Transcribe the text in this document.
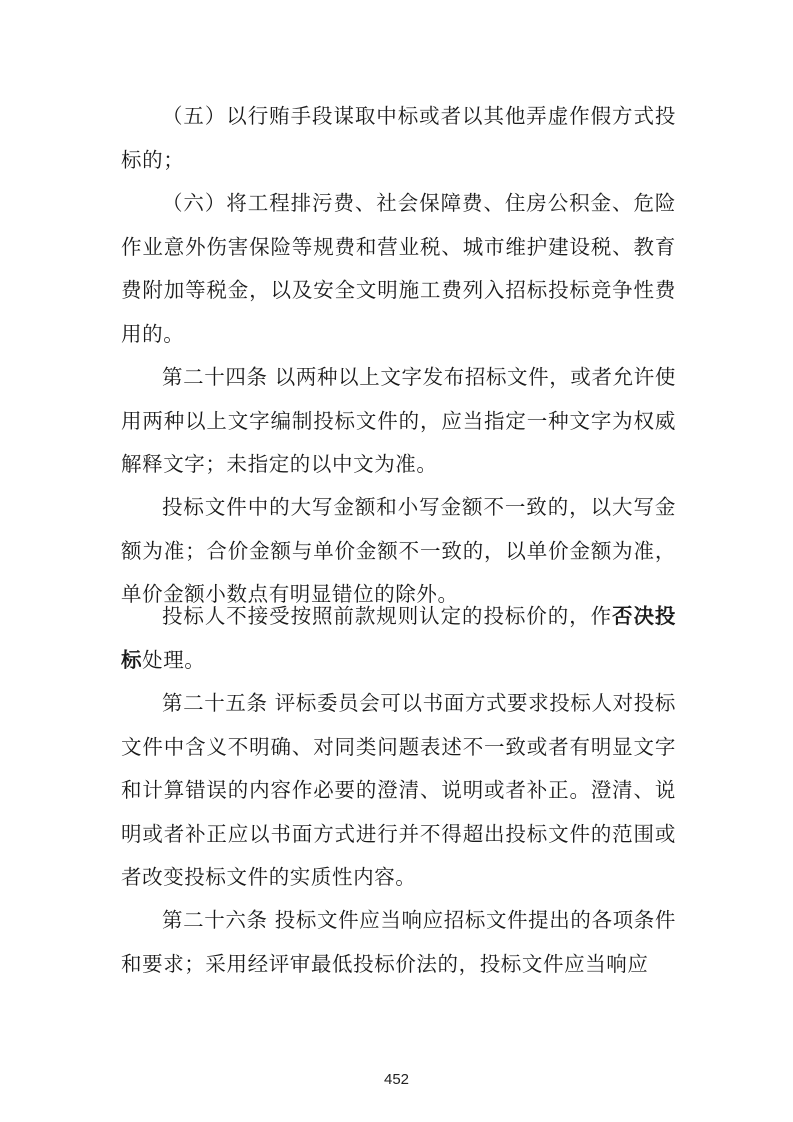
（五）以行贿手段谋取中标或者以其他弄虚作假方式投标的；

（六）将工程排污费、社会保障费、住房公积金、危险作业意外伤害保险等规费和营业税、城市维护建设税、教育费附加等税金，以及安全文明施工费列入招标投标竞争性费用的。

第二十四条 以两种以上文字发布招标文件，或者允许使用两种以上文字编制投标文件的，应当指定一种文字为权威解释文字；未指定的以中文为准。

投标文件中的大写金额和小写金额不一致的，以大写金额为准；合价金额与单价金额不一致的，以单价金额为准，单价金额小数点有明显错位的除外。

投标人不接受按照前款规则认定的投标价的，作否决投标处理。

第二十五条 评标委员会可以书面方式要求投标人对投标文件中含义不明确、对同类问题表述不一致或者有明显文字和计算错误的内容作必要的澄清、说明或者补正。澄清、说明或者补正应以书面方式进行并不得超出投标文件的范围或者改变投标文件的实质性内容。

第二十六条 投标文件应当响应招标文件提出的各项条件和要求；采用经评审最低投标价法的，投标文件应当响应

452
